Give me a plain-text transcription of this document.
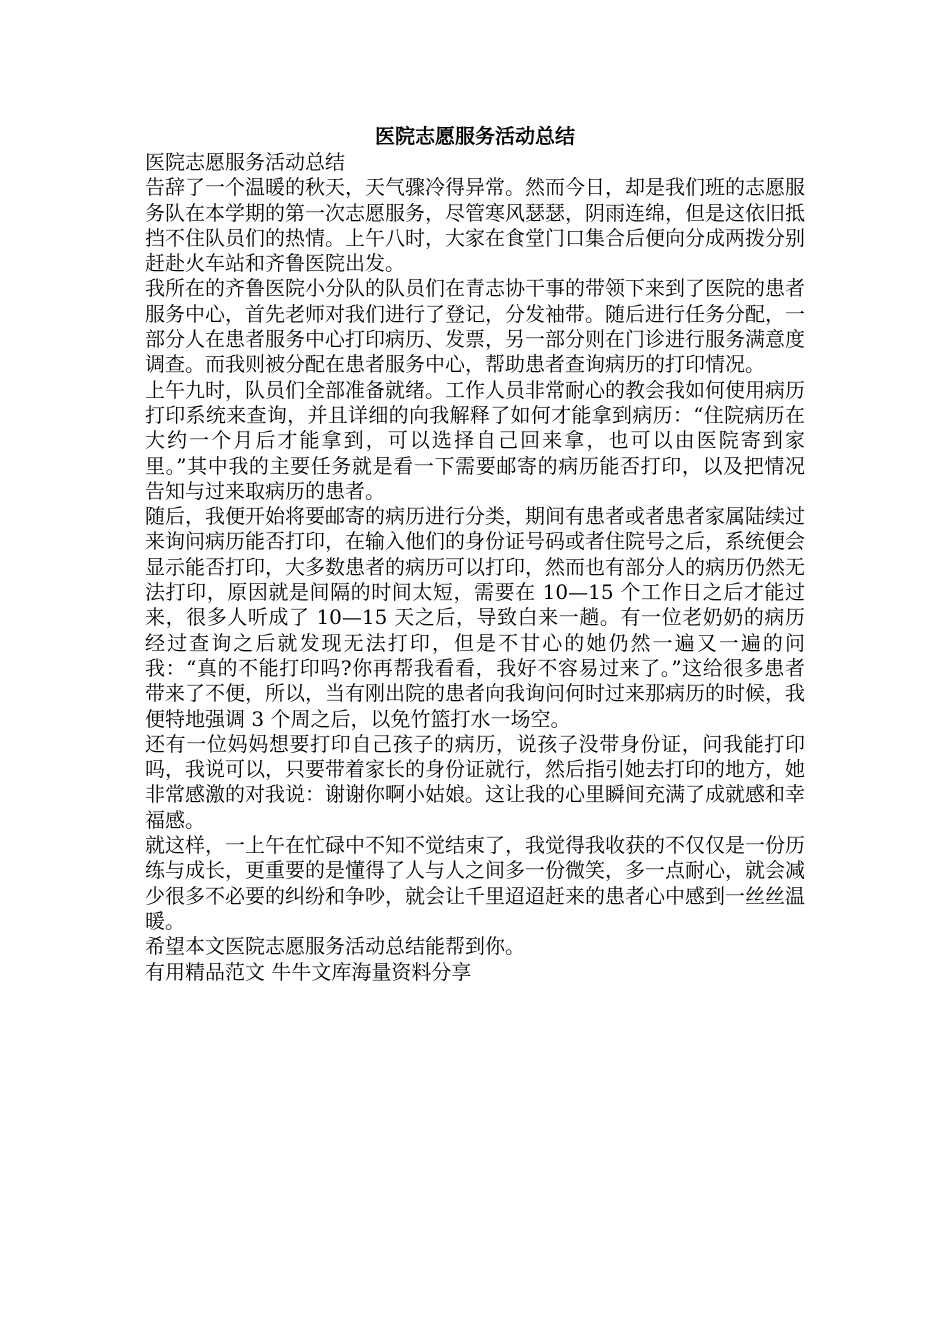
医院志愿服务活动总结

医院志愿服务活动总结

告辞了一个温暖的秋天，天气骤冷得异常。然而今日，却是我们班的志愿服务队在本学期的第一次志愿服务，尽管寒风瑟瑟，阴雨连绵，但是这依旧抵挡不住队员们的热情。上午八时，大家在食堂门口集合后便向分成两拨分别赶赴火车站和齐鲁医院出发。

我所在的齐鲁医院小分队的队员们在青志协干事的带领下来到了医院的患者服务中心，首先老师对我们进行了登记，分发袖带。随后进行任务分配，一部分人在患者服务中心打印病历、发票，另一部分则在门诊进行服务满意度调查。而我则被分配在患者服务中心，帮助患者查询病历的打印情况。

上午九时，队员们全部准备就绪。工作人员非常耐心的教会我如何使用病历打印系统来查询，并且详细的向我解释了如何才能拿到病历：“住院病历在大约一个月后才能拿到，可以选择自己回来拿，也可以由医院寄到家里。”其中我的主要任务就是看一下需要邮寄的病历能否打印，以及把情况告知与过来取病历的患者。

随后，我便开始将要邮寄的病历进行分类，期间有患者或者患者家属陆续过来询问病历能否打印，在输入他们的身份证号码或者住院号之后，系统便会显示能否打印，大多数患者的病历可以打印，然而也有部分人的病历仍然无法打印，原因就是间隔的时间太短，需要在 10—15 个工作日之后才能过来，很多人听成了 10—15 天之后，导致白来一趟。有一位老奶奶的病历经过查询之后就发现无法打印，但是不甘心的她仍然一遍又一遍的问我：“真的不能打印吗?你再帮我看看，我好不容易过来了。”这给很多患者带来了不便，所以，当有刚出院的患者向我询问何时过来那病历的时候，我便特地强调 3 个周之后，以免竹篮打水一场空。

还有一位妈妈想要打印自己孩子的病历，说孩子没带身份证，问我能打印吗，我说可以，只要带着家长的身份证就行，然后指引她去打印的地方，她非常感激的对我说：谢谢你啊小姑娘。这让我的心里瞬间充满了成就感和幸福感。

就这样，一上午在忙碌中不知不觉结束了，我觉得我收获的不仅仅是一份历练与成长，更重要的是懂得了人与人之间多一份微笑，多一点耐心，就会减少很多不必要的纠纷和争吵，就会让千里迢迢赶来的患者心中感到一丝丝温暖。

希望本文医院志愿服务活动总结能帮到你。

有用精品范文 牛牛文库海量资料分享
